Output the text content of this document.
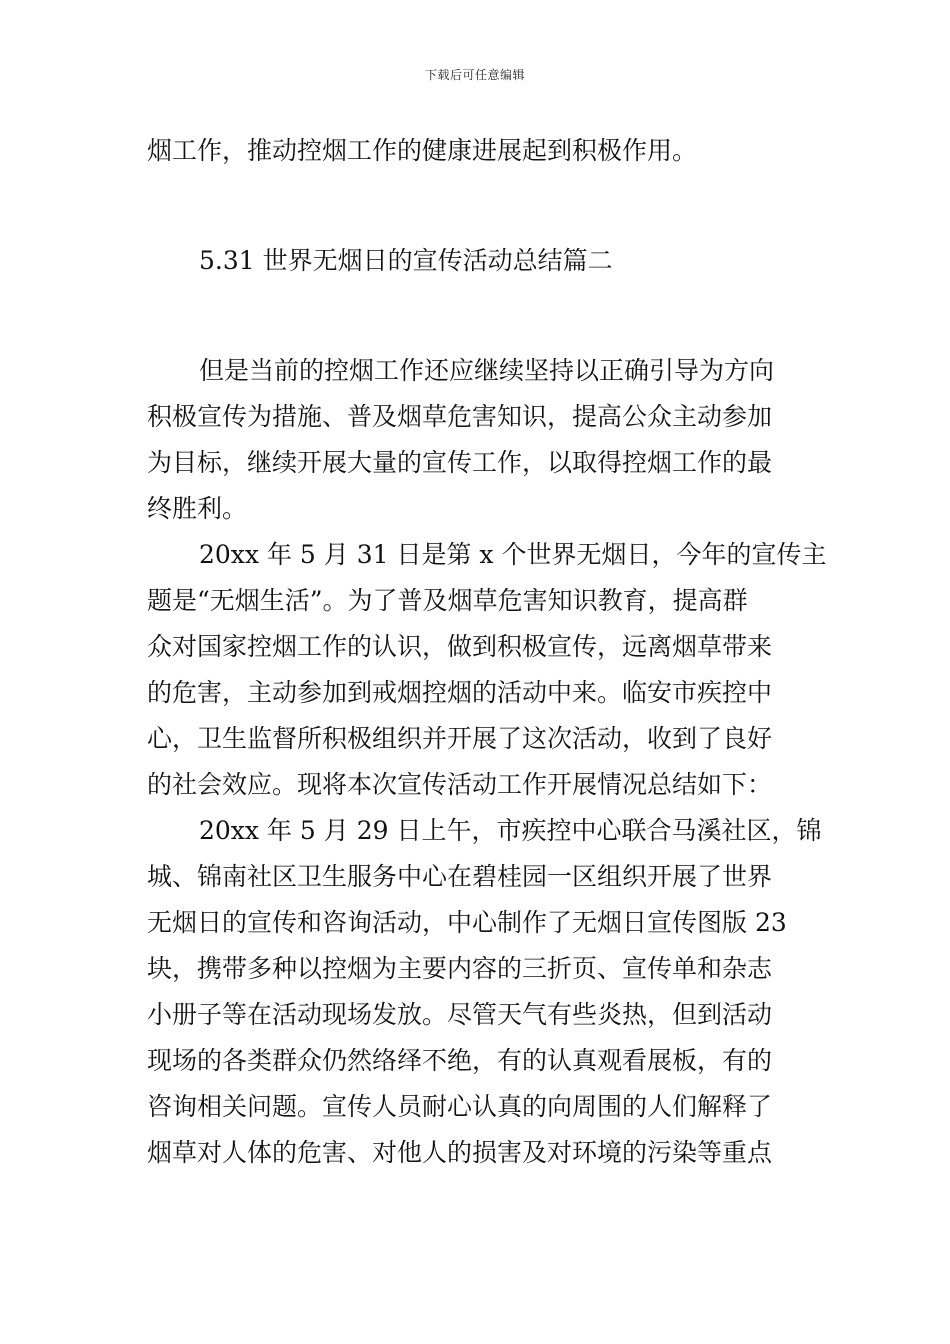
下载后可任意编辑
烟工作，推动控烟工作的健康进展起到积极作用。
5.31 世界无烟日的宣传活动总结篇二
但是当前的控烟工作还应继续坚持以正确引导为方向
积极宣传为措施、普及烟草危害知识，提高公众主动参加
为目标，继续开展大量的宣传工作，以取得控烟工作的最
终胜利。
20xx 年 5 月 31 日是第 x 个世界无烟日，今年的宣传主
题是“无烟生活”。为了普及烟草危害知识教育，提高群
众对国家控烟工作的认识，做到积极宣传，远离烟草带来
的危害，主动参加到戒烟控烟的活动中来。临安市疾控中
心，卫生监督所积极组织并开展了这次活动，收到了良好
的社会效应。现将本次宣传活动工作开展情况总结如下：
20xx 年 5 月 29 日上午，市疾控中心联合马溪社区，锦
城、锦南社区卫生服务中心在碧桂园一区组织开展了世界
无烟日的宣传和咨询活动，中心制作了无烟日宣传图版 23
块，携带多种以控烟为主要内容的三折页、宣传单和杂志
小册子等在活动现场发放。尽管天气有些炎热，但到活动
现场的各类群众仍然络绎不绝，有的认真观看展板，有的
咨询相关问题。宣传人员耐心认真的向周围的人们解释了
烟草对人体的危害、对他人的损害及对环境的污染等重点
